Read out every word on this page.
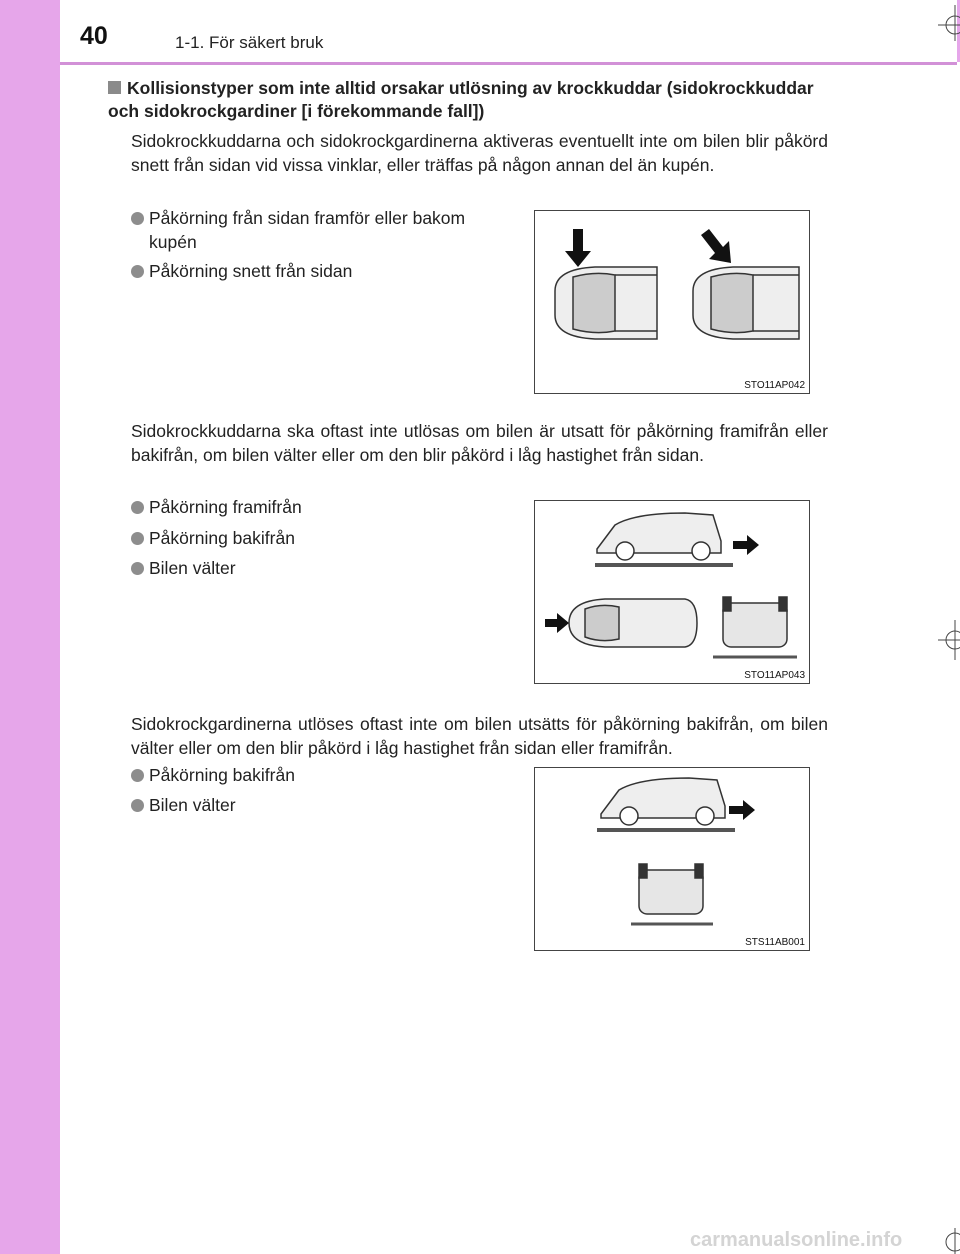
40	1-1. För säkert bruk
Kollisionstyper som inte alltid orsakar utlösning av krockkuddar (sidokrockkuddar och sidokrockgardiner [i förekommande fall])
Sidokrockkuddarna och sidokrockgardinerna aktiveras eventuellt inte om bilen blir påkörd snett från sidan vid vissa vinklar, eller träffas på någon annan del än kupén.
Påkörning från sidan framför eller bakom
kupén
Påkörning snett från sidan
STO11AP042
Sidokrockkuddarna ska oftast inte utlösas om bilen är utsatt för påkörning framifrån eller bakifrån, om bilen välter eller om den blir påkörd i låg hastighet från sidan.
Påkörning framifrån
Påkörning bakifrån
Bilen välter
STO11AP043
Sidokrockgardinerna utlöses oftast inte om bilen utsätts för påkörning bakifrån, om bilen välter eller om den blir påkörd i låg hastighet från sidan eller framifrån.
Påkörning bakifrån
Bilen välter
STS11AB001
carmanualsonline.info
